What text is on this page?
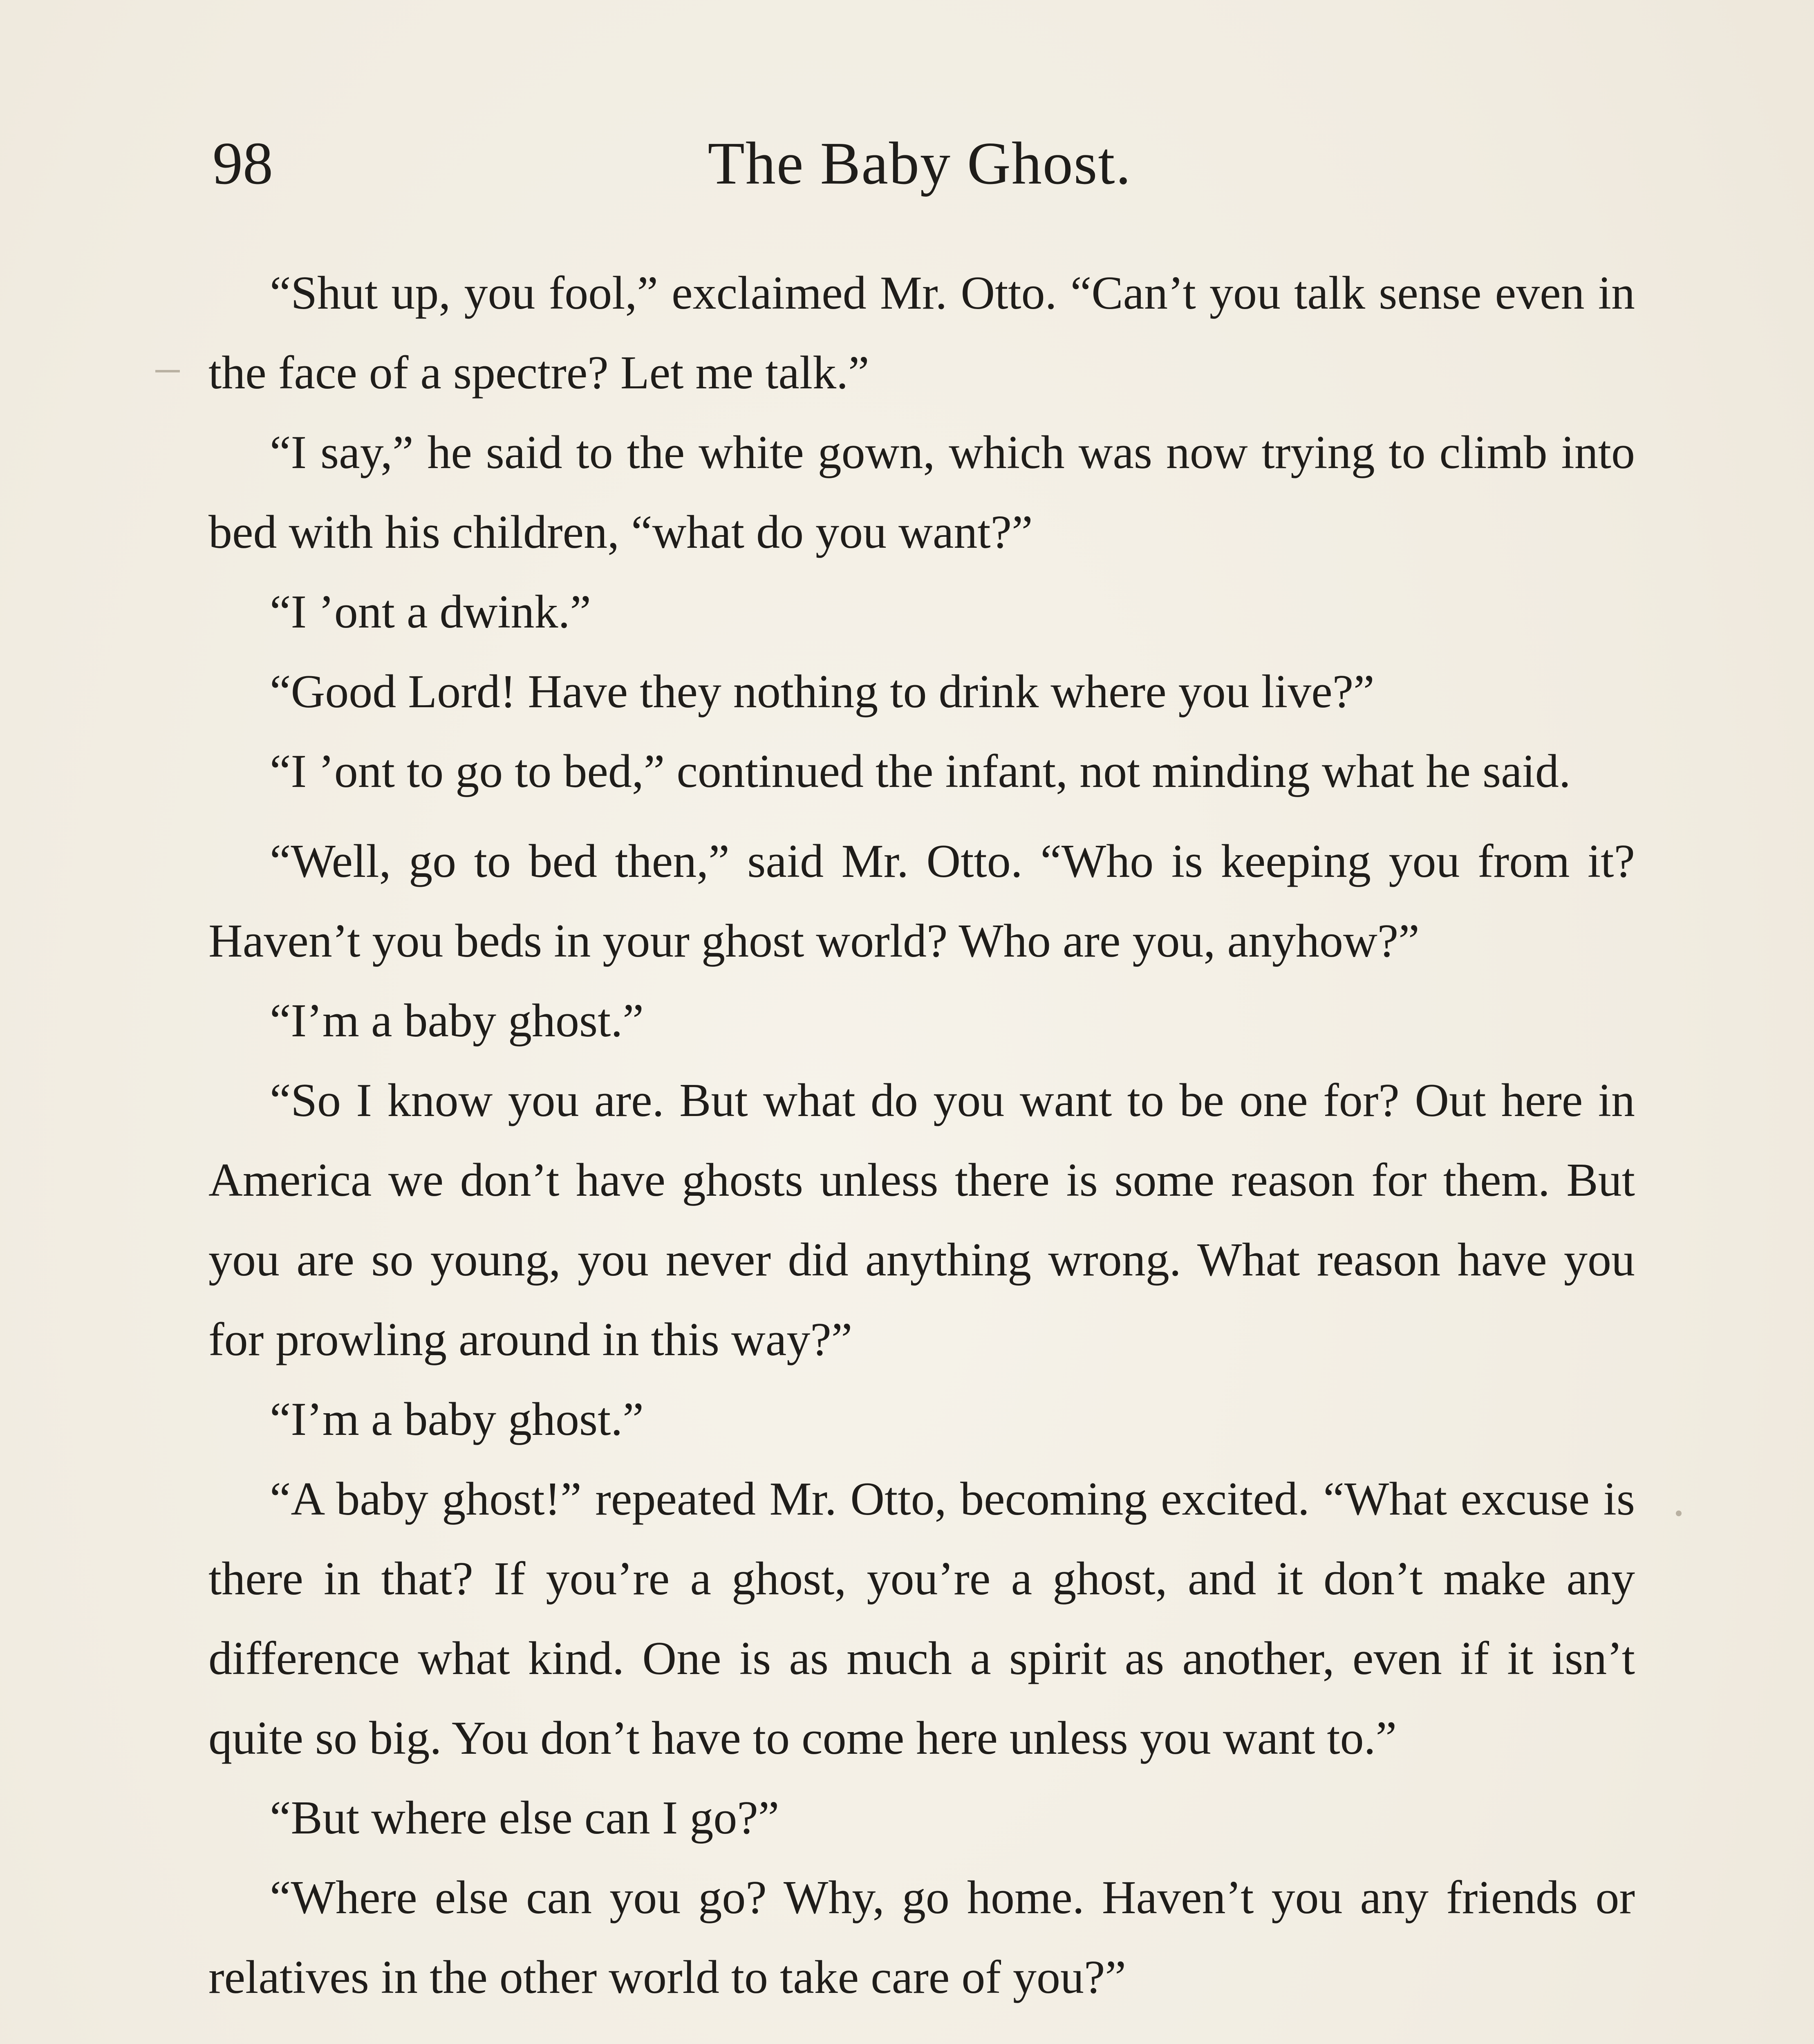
98	The Baby Ghost.

“Shut up, you fool,” exclaimed Mr. Otto. “Can’t you talk sense even in the face of a spectre? Let me talk.”

“I say,” he said to the white gown, which was now trying to climb into bed with his children, “what do you want?”

“I ’ont a dwink.”

“Good Lord! Have they nothing to drink where you live?”

“I ’ont to go to bed,” continued the infant, not minding what he said.

“Well, go to bed then,” said Mr. Otto. “Who is keeping you from it? Haven’t you beds in your ghost world? Who are you, anyhow?”

“I’m a baby ghost.”

“So I know you are. But what do you want to be one for? Out here in America we don’t have ghosts unless there is some reason for them. But you are so young, you never did anything wrong. What reason have you for prowling around in this way?”

“I’m a baby ghost.”

“A baby ghost!” repeated Mr. Otto, becoming excited. “What excuse is there in that? If you’re a ghost, you’re a ghost, and it don’t make any difference what kind. One is as much a spirit as another, even if it isn’t quite so big. You don’t have to come here unless you want to.”

“But where else can I go?”

“Where else can you go? Why, go home. Haven’t you any friends or relatives in the other world to take care of you?”
